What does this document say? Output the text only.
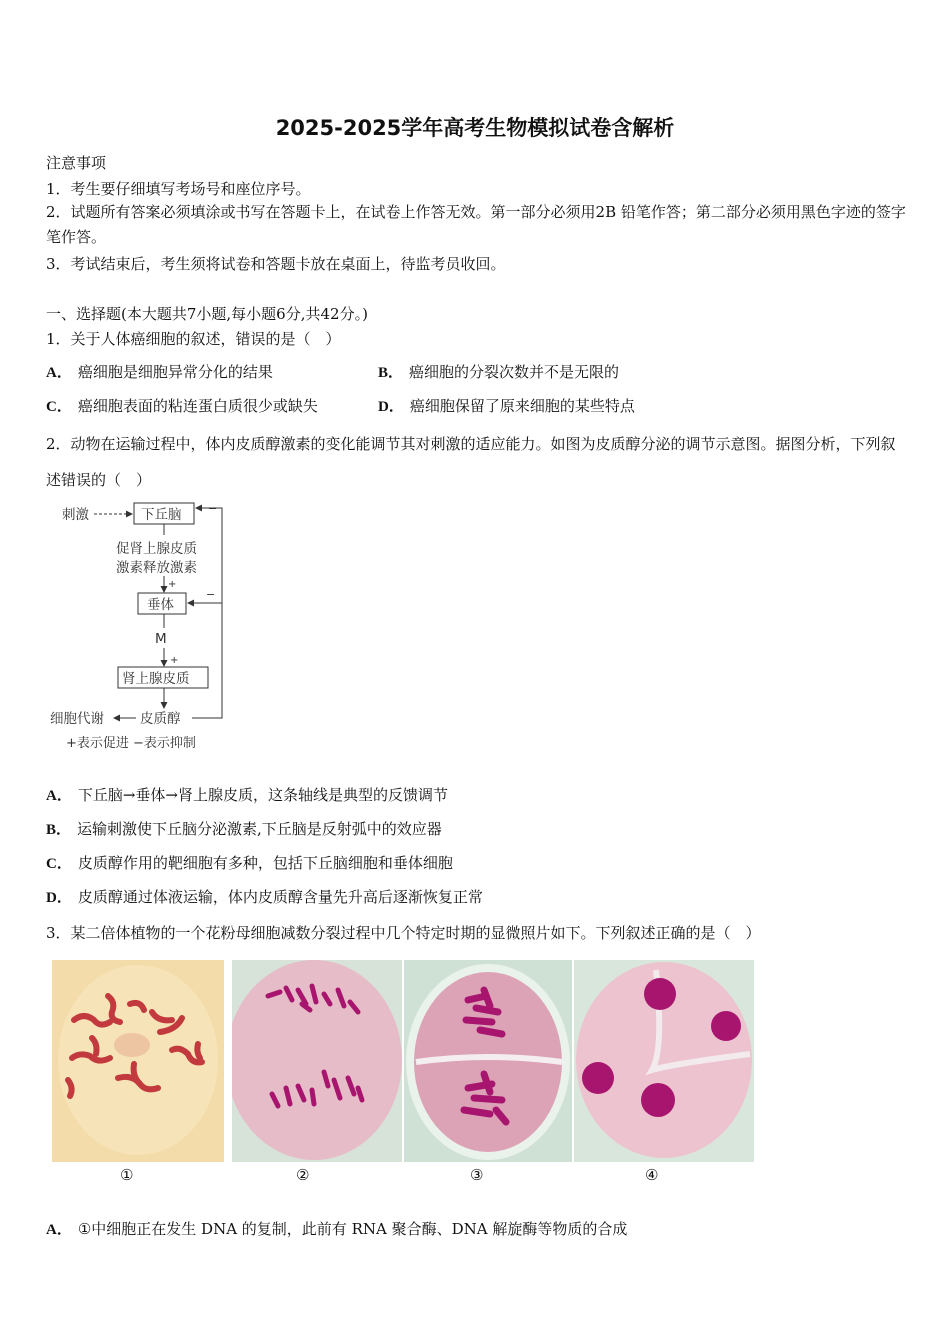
2025-2025学年高考生物模拟试卷含解析
注意事项
1．考生要仔细填写考场号和座位序号。
2．试题所有答案必须填涂或书写在答题卡上，在试卷上作答无效。第一部分必须用2B 铅笔作答；第二部分必须用黑色字迹的签字笔作答。
3．考试结束后，考生须将试卷和答题卡放在桌面上，待监考员收回。
一、选择题(本大题共7小题,每小题6分,共42分。)
1．关于人体癌细胞的叙述，错误的是（　）
A． 癌细胞是细胞异常分化的结果	B． 癌细胞的分裂次数并不是无限的
C． 癌细胞表面的粘连蛋白质很少或缺失	D． 癌细胞保留了原来细胞的某些特点
2．动物在运输过程中，体内皮质醇激素的变化能调节其对刺激的适应能力。如图为皮质醇分泌的调节示意图。据图分析，下列叙述错误的（　）
刺激	下丘脑
促肾上腺皮质
激素释放激素
+
垂体
M
+
肾上腺皮质
皮质醇
细胞代谢
−
−
+表示促进 −表示抑制
A． 下丘脑→垂体→肾上腺皮质，这条轴线是典型的反馈调节
B． 运输刺激使下丘脑分泌激素,下丘脑是反射弧中的效应器
C． 皮质醇作用的靶细胞有多种，包括下丘脑细胞和垂体细胞
D． 皮质醇通过体液运输，体内皮质醇含量先升高后逐渐恢复正常
3．某二倍体植物的一个花粉母细胞减数分裂过程中几个特定时期的显微照片如下。下列叙述正确的是（　）
①	②	③	④
A． ①中细胞正在发生 DNA 的复制，此前有 RNA 聚合酶、DNA 解旋酶等物质的合成
